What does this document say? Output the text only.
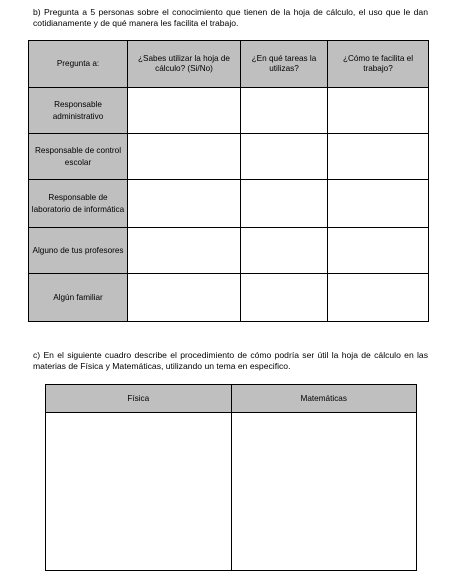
b) Pregunta a 5 personas sobre el conocimiento que tienen de la hoja de cálculo, el uso que le dan cotidianamente y de qué manera les facilita el trabajo.
Pregunta a:	¿Sabes utilizar la hoja de cálculo? (Si/No)	¿En qué tareas la utilizas?	¿Cómo te facilita el trabajo?
Responsable administrativo			
Responsable de control escolar			
Responsable de laboratorio de informática			
Alguno de tus profesores			
Algún familiar			
c) En el siguiente cuadro describe el procedimiento de cómo podría ser útil la hoja de cálculo en las materias de Física y Matemáticas, utilizando un tema en especifico.
Física	Matemáticas
